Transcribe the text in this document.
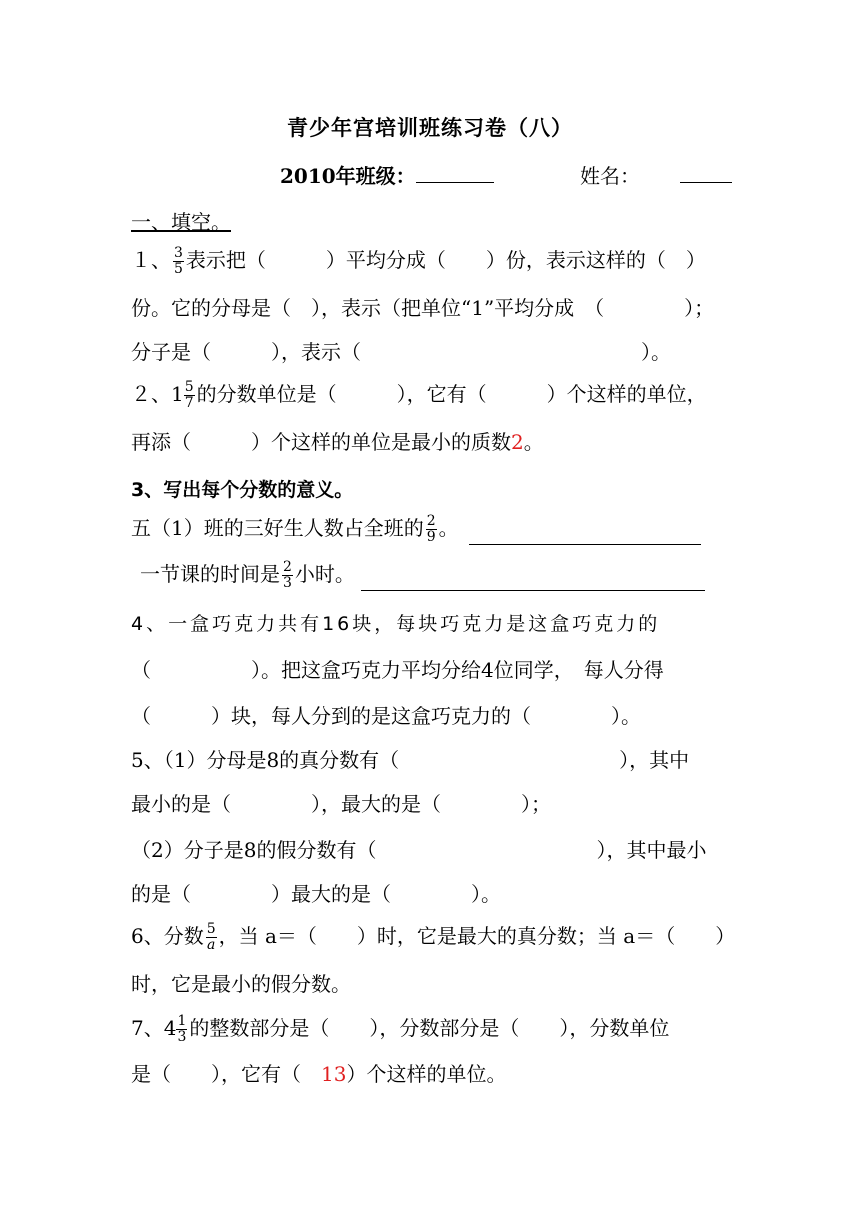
青少年宫培训班练习卷（八）
2010年班级：	姓名：
一、填空。
１、 $\frac{3}{5}$ 表示把（　　　）平均分成（　　）份，表示这样的（　）
份。它的分母是（　），表示（把单位“1”平均分成　（　　　　）；
分子是（　　　），表示（　　　　　　　　　　　　　　）。
２、$1 \frac{5}{7}$ 的分数单位是（　　　），它有（　　　）个这样的单位，
再添（　　　）个这样的单位是最小的质数2。
3、写出每个分数的意义。
五（1）班的三好生人数占全班的 $\frac{2}{9}$ 。
一节课的时间是 $\frac{2}{3}$ 小时。
4、一盒巧克力共有16块，每块巧克力是这盒巧克力的
（　　　　　）。把这盒巧克力平均分给4位同学，　每人分得
（　　　）块，每人分到的是这盒巧克力的（　　　　）。
5、（1）分母是8的真分数有（　　　　　　　　　　　），其中
最小的是（　　　　），最大的是（　　　　）；
（2）分子是8的假分数有（　　　　　　　　　　　），其中最小
的是（　　　　）最大的是（　　　　）。
6、分数 $\frac{5}{a}$ ，当 a＝（　　）时，它是最大的真分数；当 a＝（　　）
时，它是最小的假分数。
7、$4 \frac{1}{3}$ 的整数部分是（　　），分数部分是（　　），分数单位
是（　　），它有（　13）个这样的单位。
